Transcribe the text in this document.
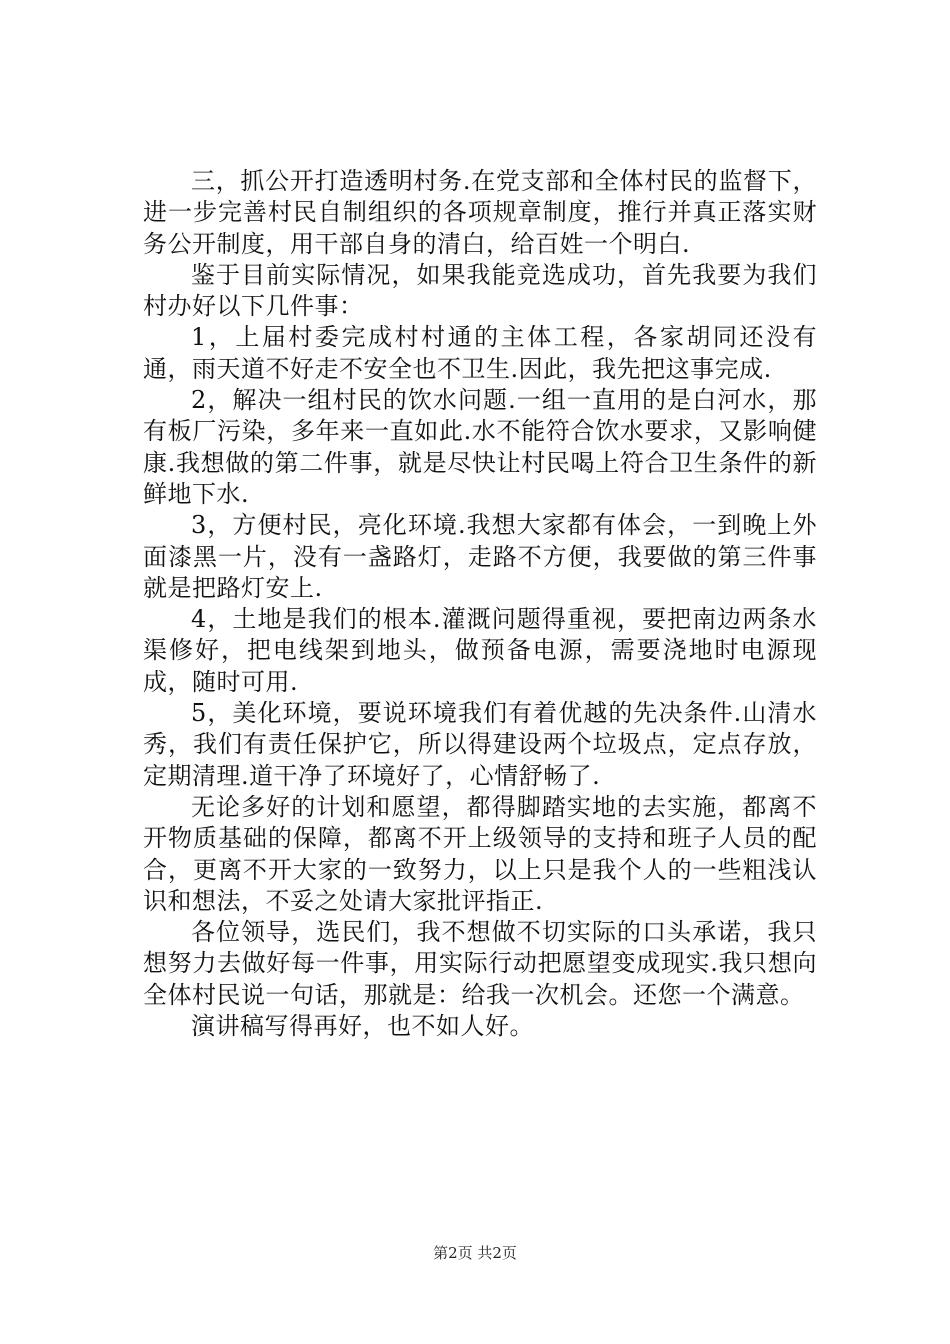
三，抓公开打造透明村务.在党支部和全体村民的监督下，进一步完善村民自制组织的各项规章制度，推行并真正落实财务公开制度，用干部自身的清白，给百姓一个明白.

鉴于目前实际情况，如果我能竞选成功，首先我要为我们村办好以下几件事：

1，上届村委完成村村通的主体工程，各家胡同还没有通，雨天道不好走不安全也不卫生.因此，我先把这事完成.

2，解决一组村民的饮水问题.一组一直用的是白河水，那有板厂污染，多年来一直如此.水不能符合饮水要求，又影响健康.我想做的第二件事，就是尽快让村民喝上符合卫生条件的新鲜地下水.

3，方便村民，亮化环境.我想大家都有体会，一到晚上外面漆黑一片，没有一盏路灯，走路不方便，我要做的第三件事就是把路灯安上.

4，土地是我们的根本.灌溉问题得重视，要把南边两条水渠修好，把电线架到地头，做预备电源，需要浇地时电源现成，随时可用.

5，美化环境，要说环境我们有着优越的先决条件.山清水秀，我们有责任保护它，所以得建设两个垃圾点，定点存放，定期清理.道干净了环境好了，心情舒畅了.

无论多好的计划和愿望，都得脚踏实地的去实施，都离不开物质基础的保障，都离不开上级领导的支持和班子人员的配合，更离不开大家的一致努力，以上只是我个人的一些粗浅认识和想法，不妥之处请大家批评指正.

各位领导，选民们，我不想做不切实际的口头承诺，我只想努力去做好每一件事，用实际行动把愿望变成现实.我只想向全体村民说一句话，那就是：给我一次机会。还您一个满意。

演讲稿写得再好，也不如人好。

第2页 共2页
